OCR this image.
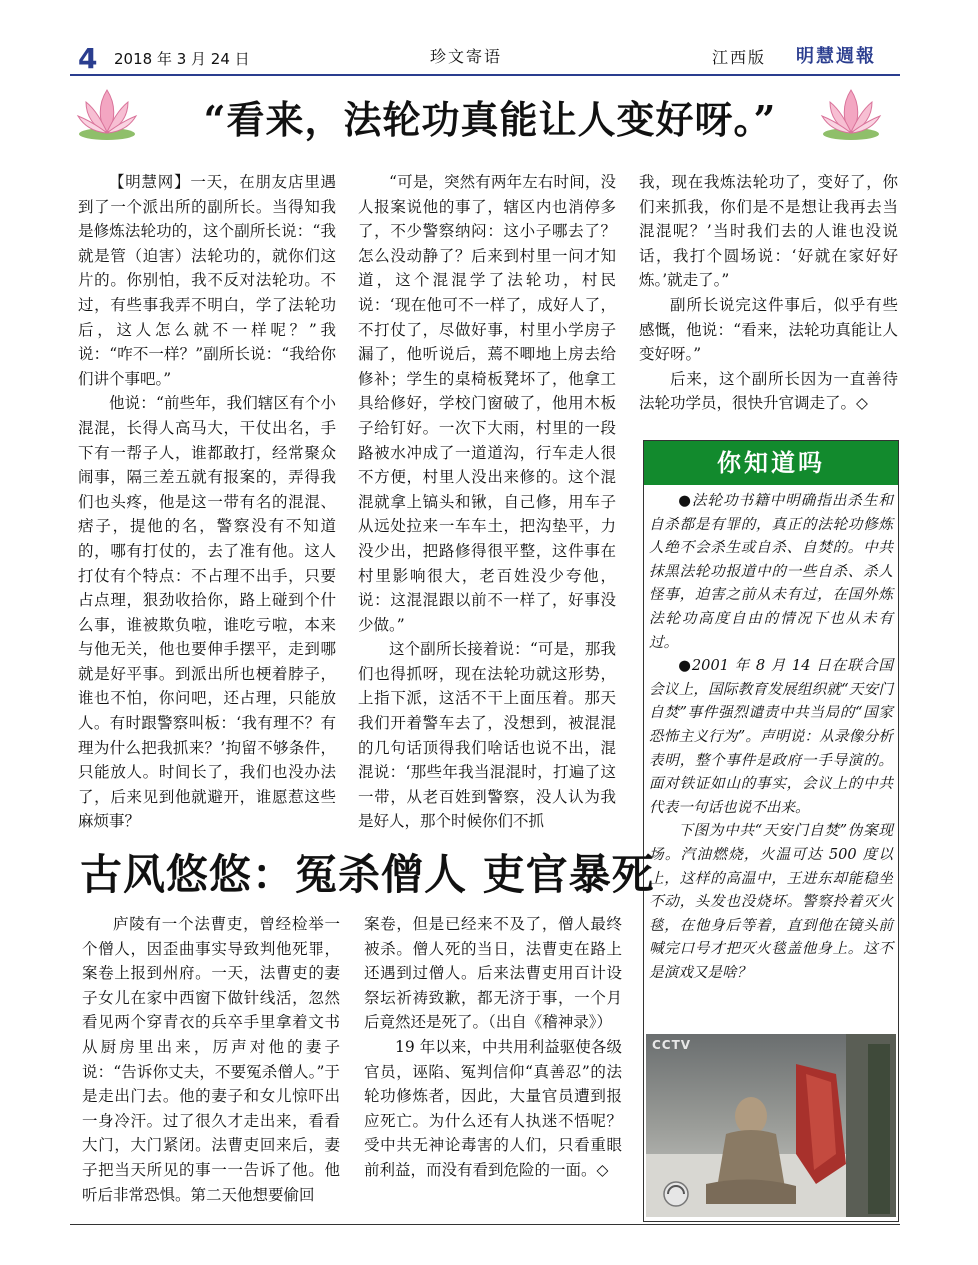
4 2018 年 3 月 24 日	珍文寄语	江西版 明慧週報
“看来，法轮功真能让人变好呀。”

【明慧网】一天，在朋友店里遇到了一个派出所的副所长。当得知我是修炼法轮功的，这个副所长说：“我就是管（迫害）法轮功的，就你们这片的。你别怕，我不反对法轮功。不过，有些事我弄不明白，学了法轮功后，这人怎么就不一样呢？”我说：“咋不一样？”副所长说：“我给你们讲个事吧。”

他说：“前些年，我们辖区有个小混混，长得人高马大，干仗出名，手下有一帮子人，谁都敢打，经常聚众闹事，隔三差五就有报案的，弄得我们也头疼，他是这一带有名的混混、痞子，提他的名，警察没有不知道的，哪有打仗的，去了准有他。这人打仗有个特点：不占理不出手，只要占点理，狠劲收拾你，路上碰到个什么事，谁被欺负啦，谁吃亏啦，本来与他无关，他也要伸手摆平，走到哪就是好平事。到派出所也梗着脖子，谁也不怕，你问吧，还占理，只能放人。有时跟警察叫板：‘我有理不？有理为什么把我抓来？’拘留不够条件，只能放人。时间长了，我们也没办法了，后来见到他就避开，谁愿惹这些麻烦事？

“可是，突然有两年左右时间，没人报案说他的事了，辖区内也消停多了，不少警察纳闷：这小子哪去了？怎么没动静了？后来到村里一问才知道，这个混混学了法轮功，村民说：‘现在他可不一样了，成好人了，不打仗了，尽做好事，村里小学房子漏了，他听说后，蔫不唧地上房去给修补；学生的桌椅板凳坏了，他拿工具给修好，学校门窗破了，他用木板子给钉好。一次下大雨，村里的一段路被水冲成了一道道沟，行车走人很不方便，村里人没出来修的。这个混混就拿上镐头和锹，自己修，用车子从远处拉来一车车土，把沟垫平，力没少出，把路修得很平整，这件事在村里影响很大，老百姓没少夸他，说：这混混跟以前不一样了，好事没少做。”

这个副所长接着说：“可是，那我们也得抓呀，现在法轮功就这形势，上指下派，这活不干上面压着。那天我们开着警车去了，没想到，被混混的几句话顶得我们啥话也说不出，混混说：‘那些年我当混混时，打遍了这一带，从老百姓到警察，没人认为我是好人，那个时候你们不抓

我，现在我炼法轮功了，变好了，你们来抓我，你们是不是想让我再去当混混呢？’当时我们去的人谁也没说话，我打个圆场说：‘好就在家好好炼。’就走了。”

副所长说完这件事后，似乎有些感慨，他说：“看来，法轮功真能让人变好呀。”

后来，这个副所长因为一直善待法轮功学员，很快升官调走了。◇

你知道吗

●法轮功书籍中明确指出杀生和自杀都是有罪的，真正的法轮功修炼人绝不会杀生或自杀、自焚的。中共抹黑法轮功报道中的一些自杀、杀人怪事，迫害之前从未有过，在国外炼法轮功高度自由的情况下也从未有过。

●2001 年 8 月 14 日在联合国会议上，国际教育发展组织就“天安门自焚”事件强烈谴责中共当局的“国家恐怖主义行为”。声明说：从录像分析表明，整个事件是政府一手导演的。面对铁证如山的事实，会议上的中共代表一句话也说不出来。

下图为中共“天安门自焚”伪案现场。汽油燃烧，火温可达 500 度以上，这样的高温中，王进东却能稳坐不动，头发也没烧坏。警察拎着灭火毯，在他身后等着，直到他在镜头前喊完口号才把灭火毯盖他身上。这不是演戏又是啥？

CCTV
古风悠悠：冤杀僧人 吏官暴死

庐陵有一个法曹吏，曾经检举一个僧人，因歪曲事实导致判他死罪，案卷上报到州府。一天，法曹吏的妻子女儿在家中西窗下做针线活，忽然看见两个穿青衣的兵卒手里拿着文书从厨房里出来，厉声对他的妻子说：“告诉你丈夫，不要冤杀僧人。”于是走出门去。他的妻子和女儿惊吓出一身冷汗。过了很久才走出来，看看大门，大门紧闭。法曹吏回来后，妻子把当天所见的事一一告诉了他。他听后非常恐惧。第二天他想要偷回

案卷，但是已经来不及了，僧人最终被杀。僧人死的当日，法曹吏在路上还遇到过僧人。后来法曹吏用百计设祭坛祈祷致歉，都无济于事，一个月后竟然还是死了。（出自《稽神录》）

19 年以来，中共用利益驱使各级官员，诬陷、冤判信仰“真善忍”的法轮功修炼者，因此，大量官员遭到报应死亡。为什么还有人执迷不悟呢？受中共无神论毒害的人们，只看重眼前利益，而没有看到危险的一面。◇
